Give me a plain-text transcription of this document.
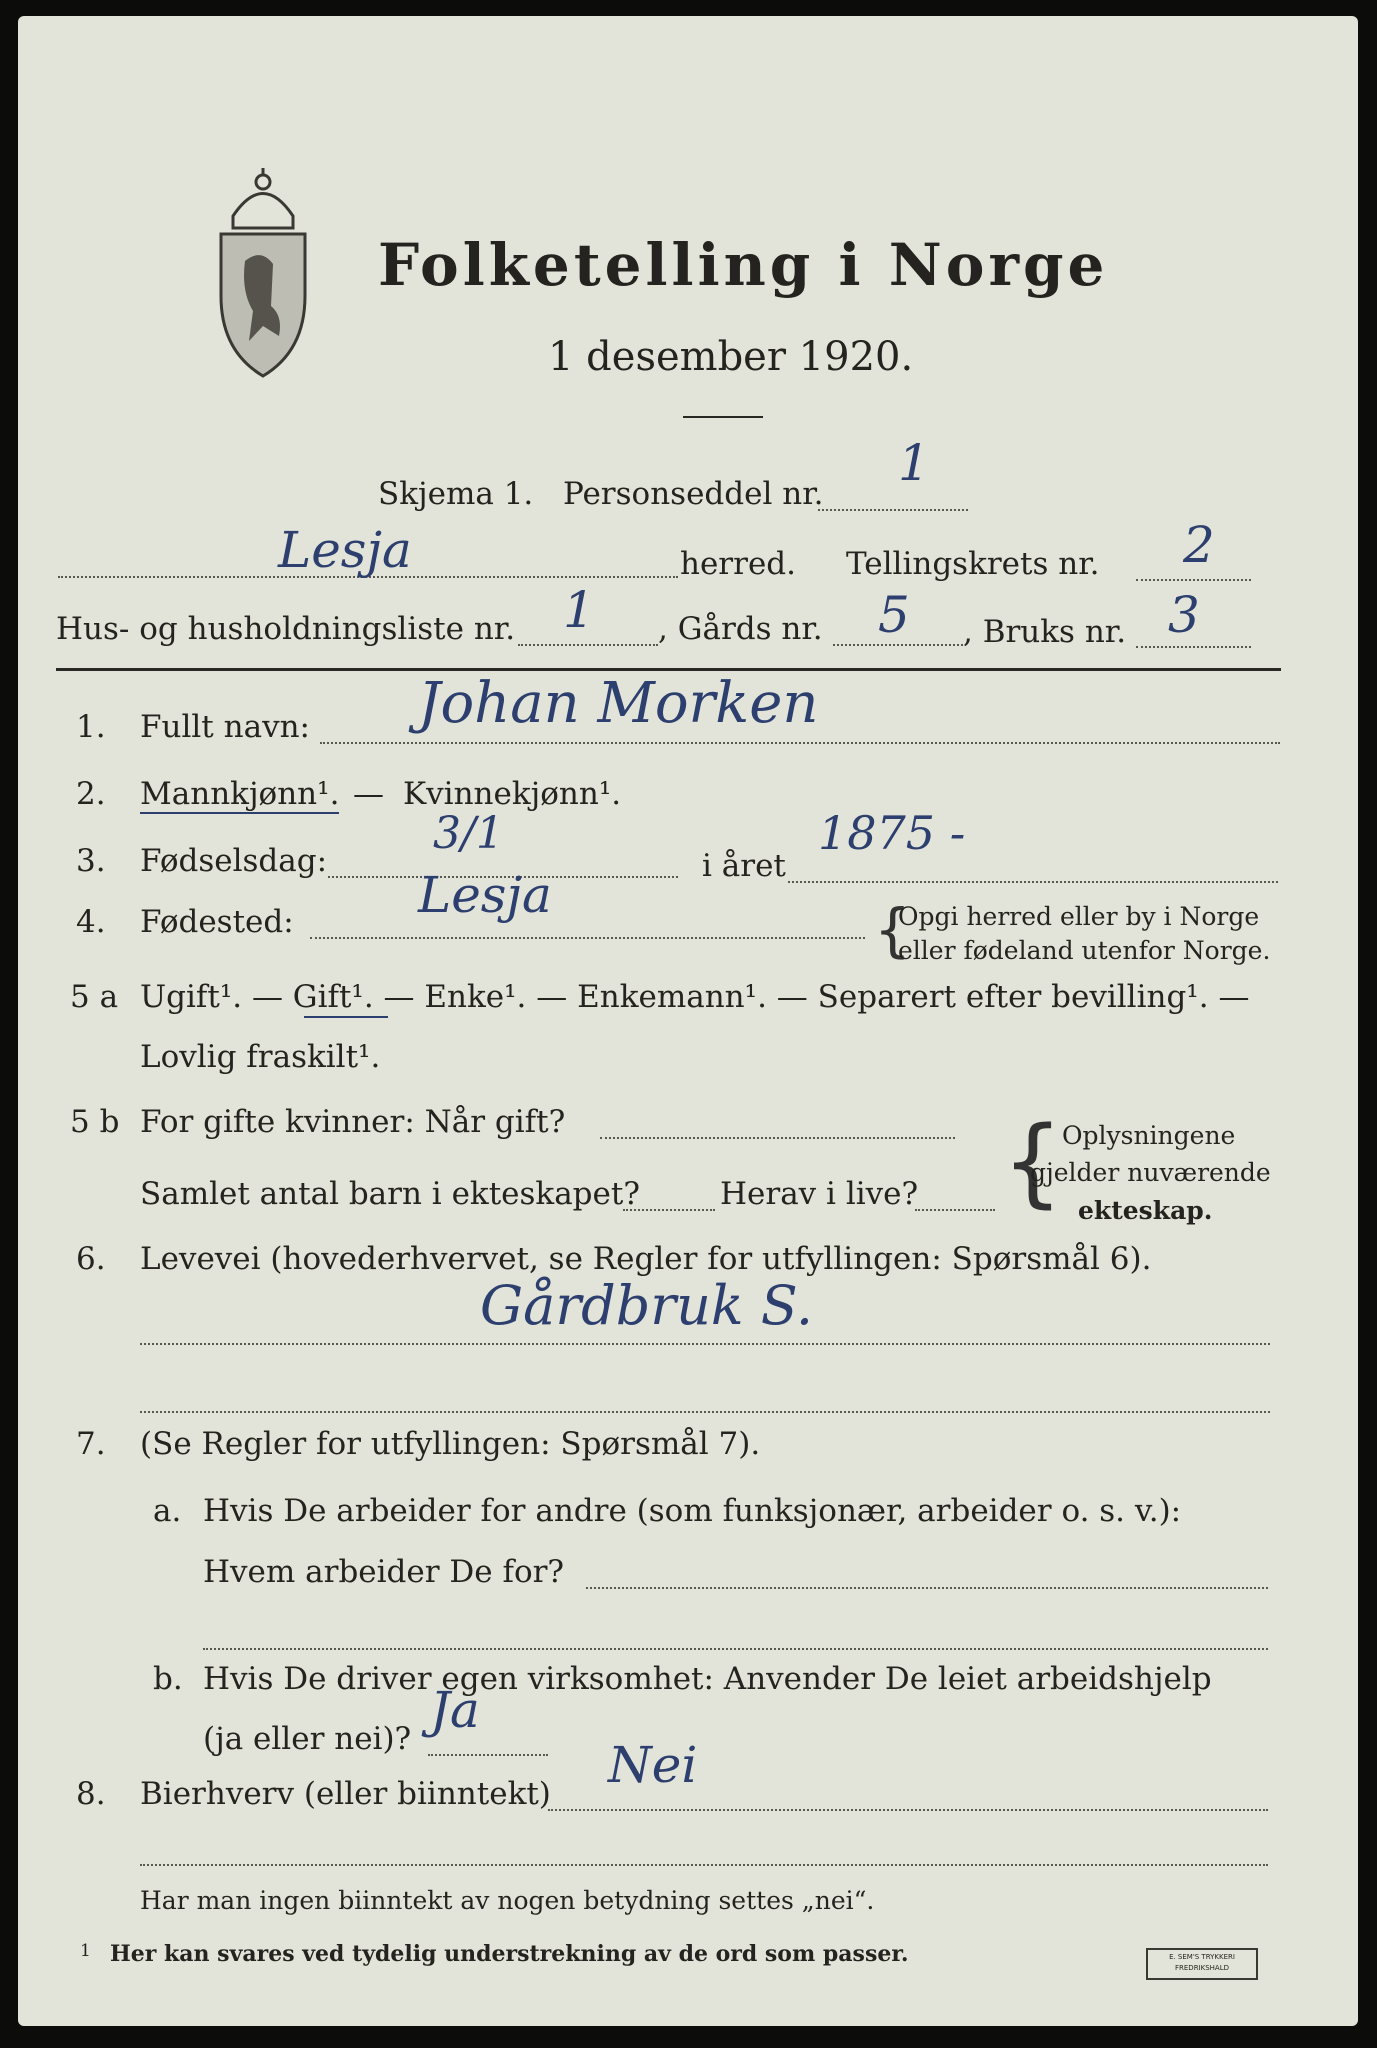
Folketelling i Norge
1 desember 1920.
Skjema 1. Personseddel nr.
1
Lesja	herred. Tellingskrets nr. 2
Hus- og husholdningsliste nr. 1 , Gårds nr. 5 , Bruks nr. 3
1. Fullt navn: Johan Morken
2. Mannkjønn¹. — Kvinnekjønn¹.
3. Fødselsdag:
3/1
i året
1875 -
4. Fødested: Lesja
{
Opgi herred eller by i Norge
eller fødeland utenfor Norge.
5 a Ugift¹. — Gift¹. — Enke¹. — Enkemann¹. — Separert efter bevilling¹. —
Lovlig fraskilt¹.
5 b For gifte kvinner: Når gift?
Samlet antal barn i ekteskapet?	Herav i live? {
Oplysningene
gjelder nuværende
ekteskap.
6. Levevei (hovederhvervet, se Regler for utfyllingen: Spørsmål 6).
Gårdbruk S.
7. (Se Regler for utfyllingen: Spørsmål 7).
a. Hvis De arbeider for andre (som funksjonær, arbeider o. s. v.):
Hvem arbeider De for?
b. Hvis De driver egen virksomhet: Anvender De leiet arbeidshjelp
(ja eller nei)? Ja
8. Bierhverv (eller biinntekt) Nei
Har man ingen biinntekt av nogen betydning settes „nei“.
1 Her kan svares ved tydelig understrekning av de ord som passer.	E. SEM'S TRYKKERI
FREDRIKSHALD
